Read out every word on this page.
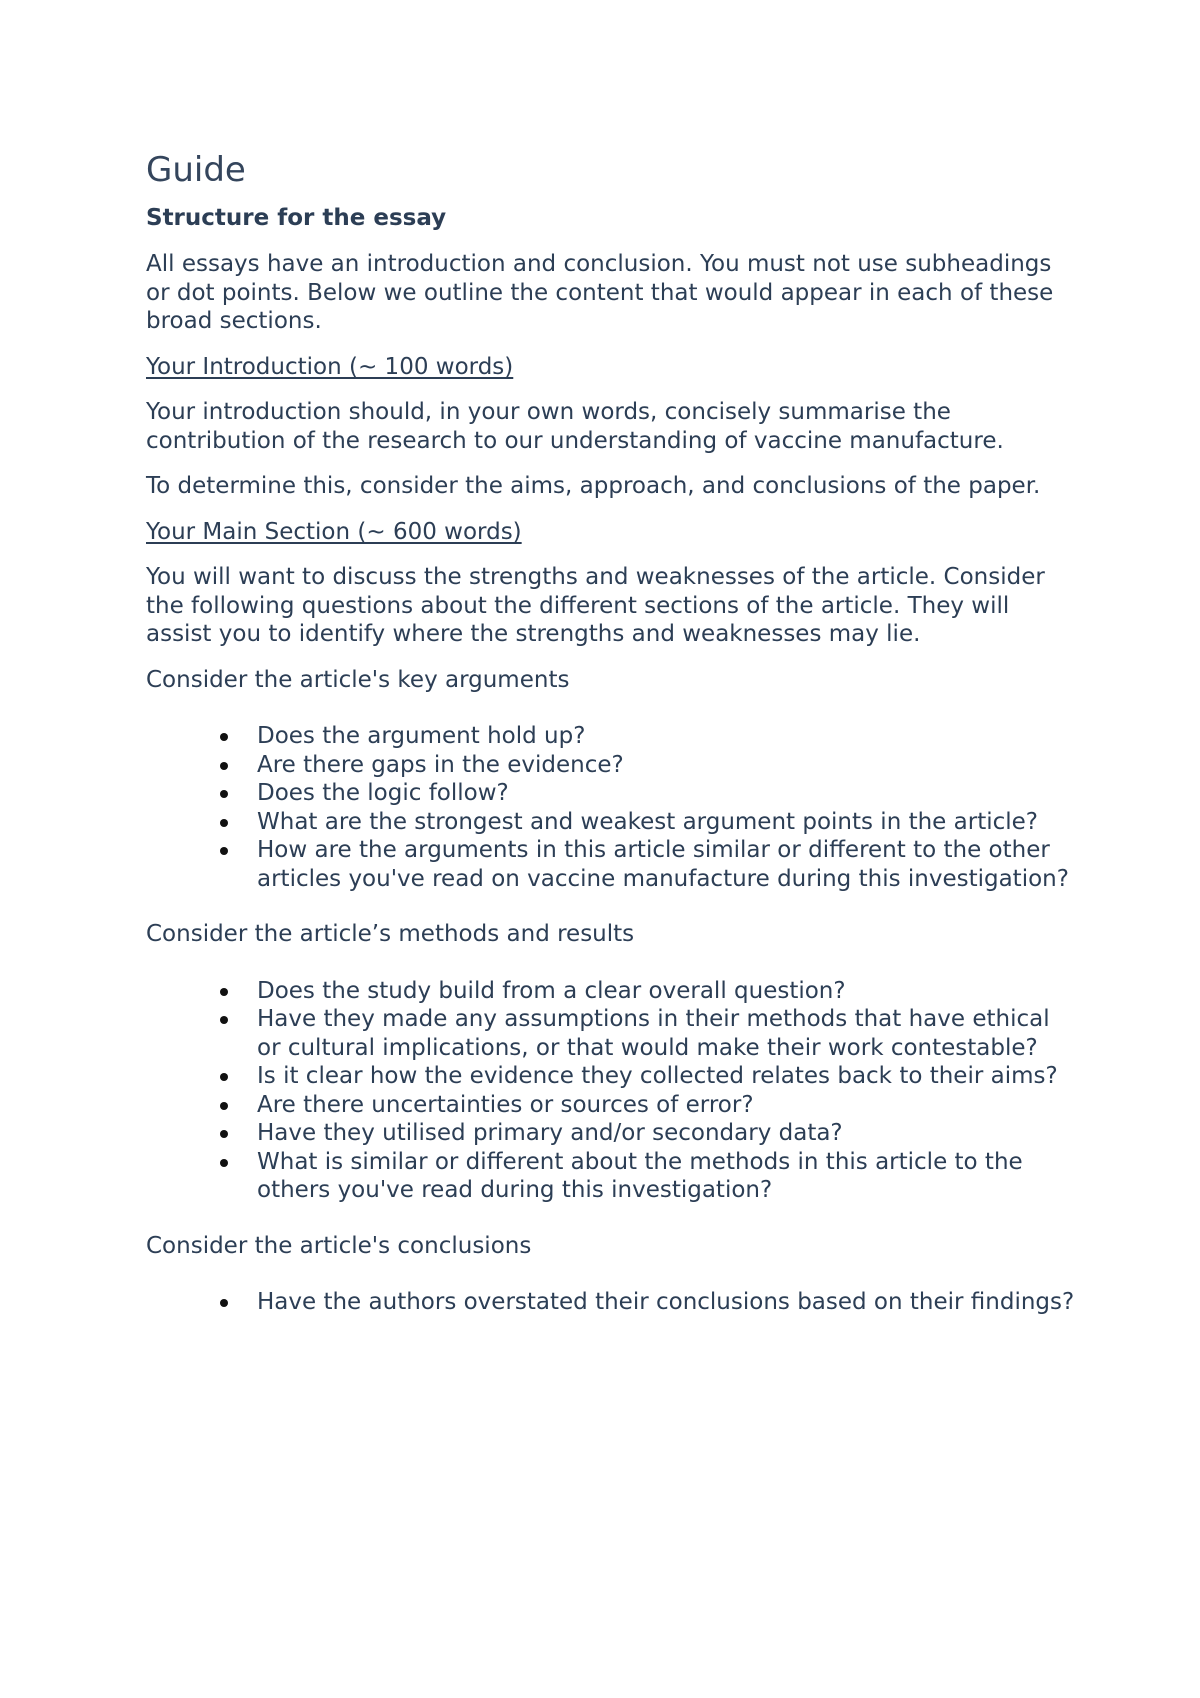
Guide

Structure for the essay

All essays have an introduction and conclusion. You must not use subheadings or dot points. Below we outline the content that would appear in each of these broad sections.

Your Introduction (~ 100 words)

Your introduction should, in your own words, concisely summarise the contribution of the research to our understanding of vaccine manufacture.

To determine this, consider the aims, approach, and conclusions of the paper.

Your Main Section (~ 600 words)

You will want to discuss the strengths and weaknesses of the article. Consider the following questions about the different sections of the article. They will assist you to identify where the strengths and weaknesses may lie.

Consider the article's key arguments

Does the argument hold up?
Are there gaps in the evidence?
Does the logic follow?
What are the strongest and weakest argument points in the article?
How are the arguments in this article similar or different to the other articles you've read on vaccine manufacture during this investigation?

Consider the article’s methods and results

Does the study build from a clear overall question?
Have they made any assumptions in their methods that have ethical or cultural implications, or that would make their work contestable?
Is it clear how the evidence they collected relates back to their aims?
Are there uncertainties or sources of error?
Have they utilised primary and/or secondary data?
What is similar or different about the methods in this article to the others you've read during this investigation?

Consider the article's conclusions

Have the authors overstated their conclusions based on their findings?
